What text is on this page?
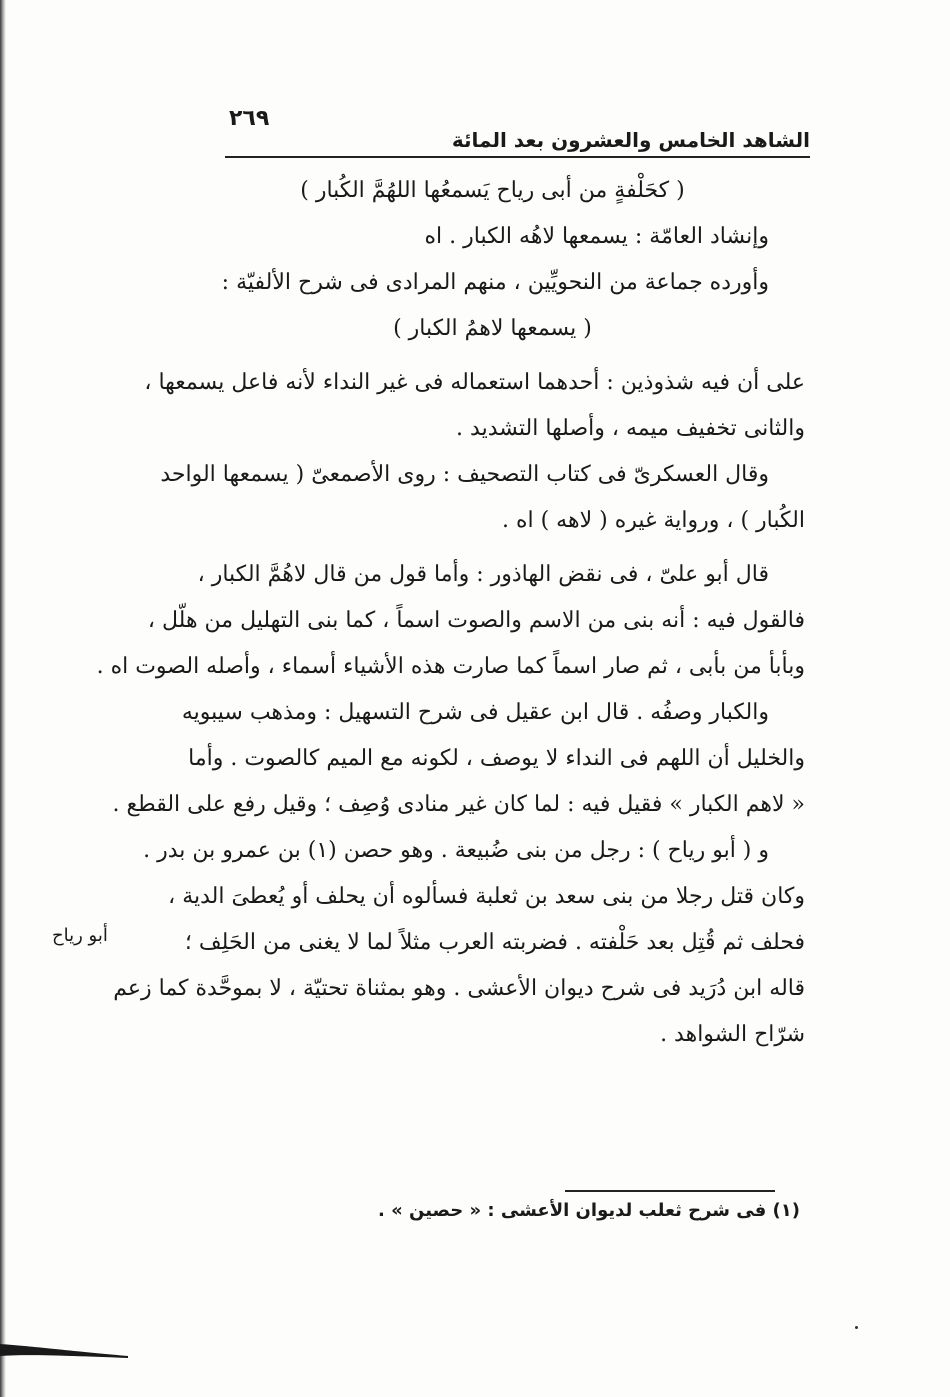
٢٦٩
الشاهد الخامس والعشرون بعد المائة
( كحَلْفةٍ من أبى رياح يَسمعُها اللهُمَّ الكُبار )
وإنشاد العامّة : يسمعها لاهُه الكبار . اه
وأورده جماعة من النحويِّين ، منهم المرادى فى شرح الألفيّة :
( يسمعها لاهمُ الكبار )
على أن فيه شذوذين : أحدهما استعماله فى غير النداء لأنه فاعل يسمعها ،
والثانى تخفيف ميمه ، وأصلها التشديد .
وقال العسكرىّ فى كتاب التصحيف : روى الأصمعىّ ( يسمعها الواحد
الكُبار ) ، ورواية غيره ( لاهه ) اه .
قال أبو علىّ ، فى نقض الهاذور : وأما قول من قال لاهُمَّ الكبار ،
فالقول فيه : أنه بنى من الاسم والصوت اسماً ، كما بنى التهليل من هلّل ،
وبأبأ من بأبى ، ثم صار اسماً كما صارت هذه الأشياء أسماء ، وأصله الصوت اه .
والكبار وصفُه . قال ابن عقيل فى شرح التسهيل : ومذهب سيبويه
والخليل أن اللهم فى النداء لا يوصف ، لكونه مع الميم كالصوت . وأما
« لاهم الكبار » فقيل فيه : لما كان غير منادى وُصِف ؛ وقيل رفع على القطع .
و ( أبو رياح ) : رجل من بنى ضُبيعة . وهو حصن (١) بن عمرو بن بدر .
وكان قتل رجلا من بنى سعد بن ثعلبة فسألوه أن يحلف أو يُعطىَ الدية ،
فحلف ثم قُتِل بعد حَلْفته . فضربته العرب مثلاً لما لا يغنى من الحَلِف ؛
قاله ابن دُرَيد فى شرح ديوان الأعشى . وهو بمثناة تحتيّة ، لا بموحَّدة كما زعم
شرّاح الشواهد .
أبو رياح
(١) فى شرح ثعلب لديوان الأعشى : « حصين » .
